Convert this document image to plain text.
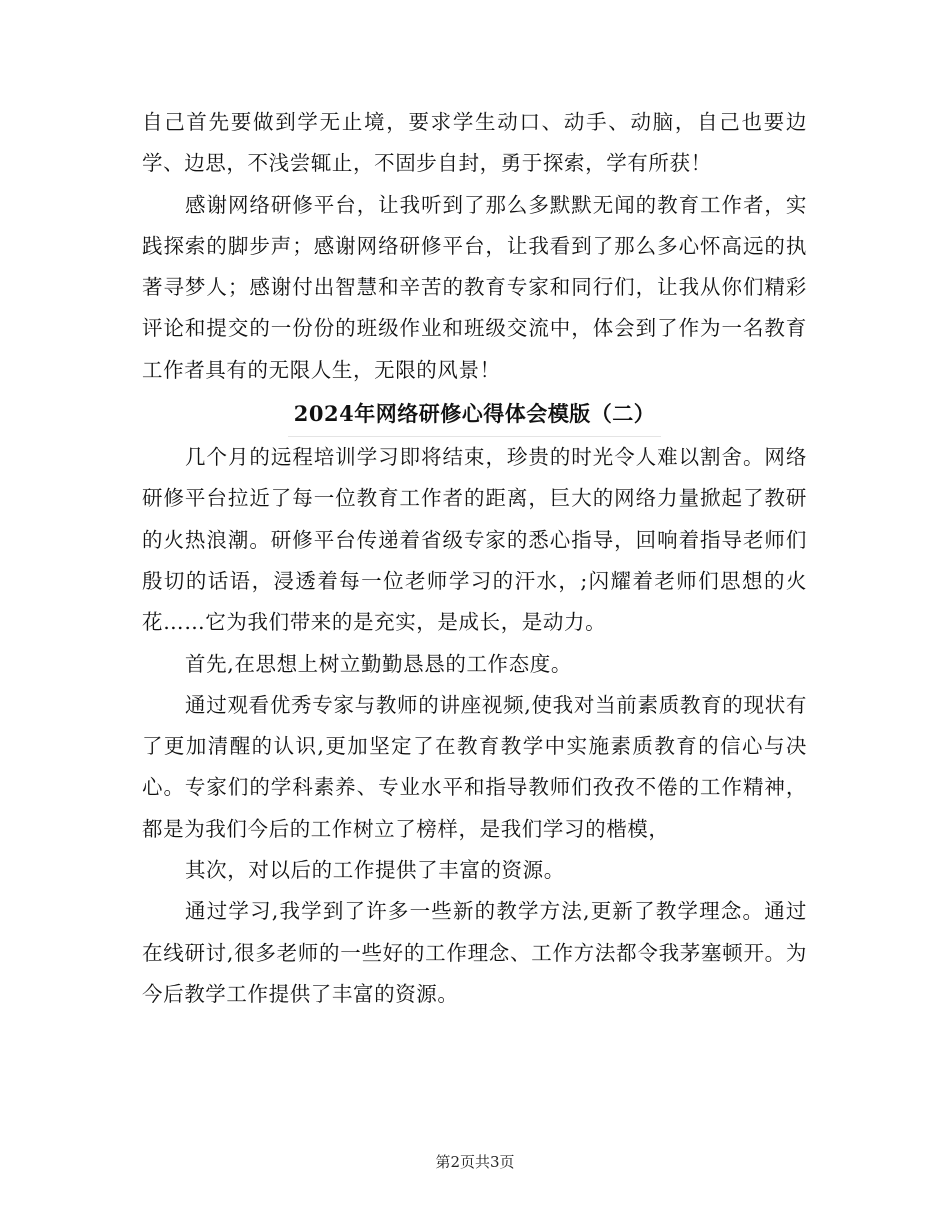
自己首先要做到学无止境，要求学生动口、动手、动脑，自己也要边学、边思，不浅尝辄止，不固步自封，勇于探索，学有所获！

感谢网络研修平台，让我听到了那么多默默无闻的教育工作者，实践探索的脚步声；感谢网络研修平台，让我看到了那么多心怀高远的执著寻梦人；感谢付出智慧和辛苦的教育专家和同行们，让我从你们精彩评论和提交的一份份的班级作业和班级交流中，体会到了作为一名教育工作者具有的无限人生，无限的风景！

2024年网络研修心得体会模版（二）

几个月的远程培训学习即将结束，珍贵的时光令人难以割舍。网络研修平台拉近了每一位教育工作者的距离，巨大的网络力量掀起了教研的火热浪潮。研修平台传递着省级专家的悉心指导，回响着指导老师们殷切的话语，浸透着每一位老师学习的汗水，;闪耀着老师们思想的火花……它为我们带来的是充实，是成长，是动力。

首先,在思想上树立勤勤恳恳的工作态度。

通过观看优秀专家与教师的讲座视频,使我对当前素质教育的现状有了更加清醒的认识,更加坚定了在教育教学中实施素质教育的信心与决心。专家们的学科素养、专业水平和指导教师们孜孜不倦的工作精神，都是为我们今后的工作树立了榜样，是我们学习的楷模，

其次，对以后的工作提供了丰富的资源。

通过学习,我学到了许多一些新的教学方法,更新了教学理念。通过在线研讨,很多老师的一些好的工作理念、工作方法都令我茅塞顿开。为今后教学工作提供了丰富的资源。

第2页共3页
